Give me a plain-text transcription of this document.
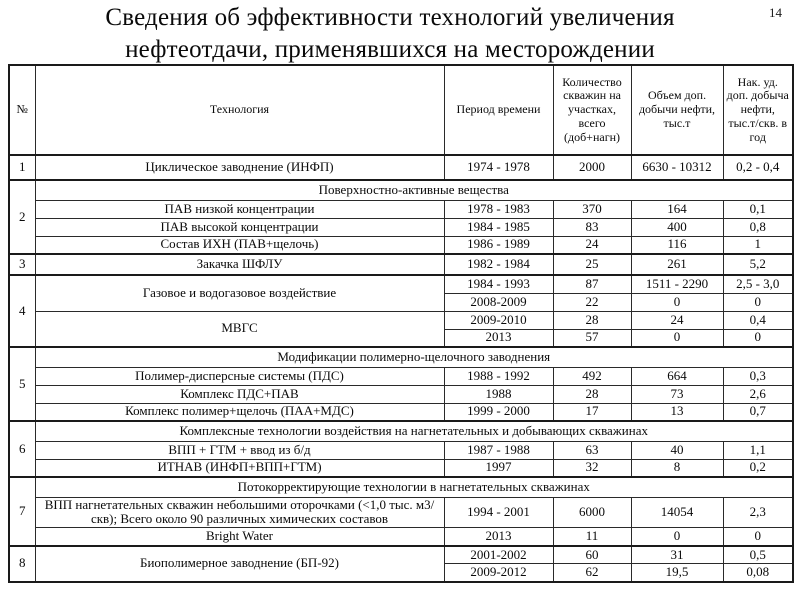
Сведения об эффективности технологий увеличения нефтеотдачи, применявшихся на месторождении
14
№	Технология	Период времени	Количество скважин на участках, всего (доб+нагн)	Объем доп. добычи нефти, тыс.т	Нак. уд. доп. добыча нефти, тыс.т/скв. в год
1	Циклическое заводнение (ИНФП)	1974 - 1978	2000	6630 - 10312	0,2 - 0,4
2	Поверхностно-активные вещества				
	ПАВ низкой концентрации	1978 - 1983	370	164	0,1
	ПАВ высокой концентрации	1984 - 1985	83	400	0,8
	Состав ИХН (ПАВ+щелочь)	1986 - 1989	24	116	1
3	Закачка ШФЛУ	1982 - 1984	25	261	5,2
4	Газовое и водогазовое воздействие	1984 - 1993	87	1511 - 2290	2,5 - 3,0
		2008-2009	22	0	0
	МВГС	2009-2010	28	24	0,4
		2013	57	0	0
5	Модификации полимерно-щелочного заводнения				
	Полимер-дисперсные системы (ПДС)	1988 - 1992	492	664	0,3
	Комплекс ПДС+ПАВ	1988	28	73	2,6
	Комплекс полимер+щелочь (ПАА+МДС)	1999 - 2000	17	13	0,7
6	Комплексные технологии воздействия на нагнетательных и добывающих скважинах				
	ВПП + ГТМ + ввод из б/д	1987 - 1988	63	40	1,1
	ИТНАВ (ИНФП+ВПП+ГТМ)	1997	32	8	0,2
7	Потокорректирующие технологии в нагнетательных скважинах				
	ВПП нагнетательных скважин небольшими оторочками (<1,0 тыс. м3/скв); Всего около 90 различных химических составов	1994 - 2001	6000	14054	2,3
	Bright Water	2013	11	0	0
8	Биополимерное заводнение (БП-92)	2001-2002	60	31	0,5
		2009-2012	62	19,5	0,08
